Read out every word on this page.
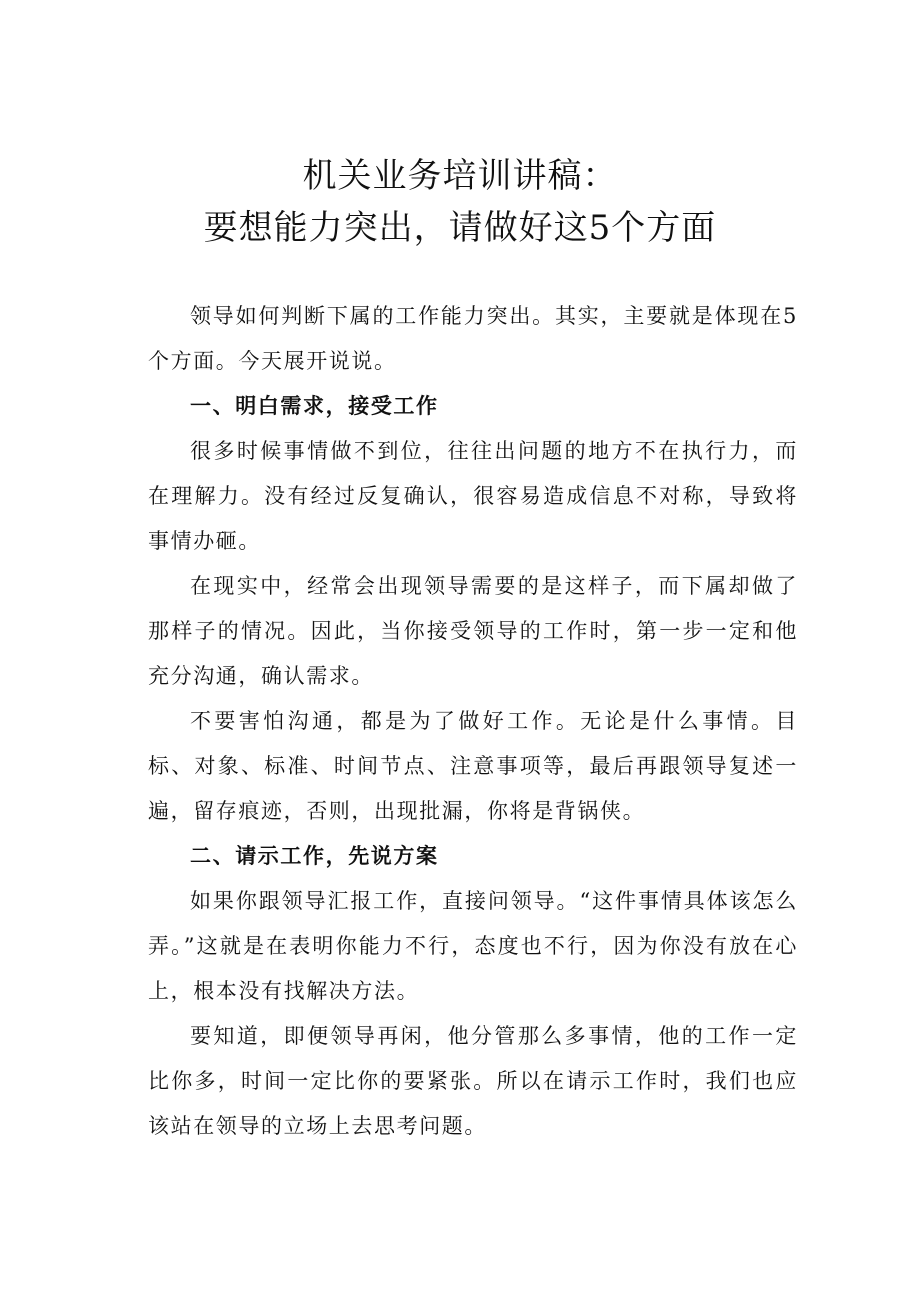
机关业务培训讲稿：
要想能力突出，请做好这5个方面

领导如何判断下属的工作能力突出。其实，主要就是体现在5个方面。今天展开说说。

一、明白需求，接受工作

很多时候事情做不到位，往往出问题的地方不在执行力，而在理解力。没有经过反复确认，很容易造成信息不对称，导致将事情办砸。

在现实中，经常会出现领导需要的是这样子，而下属却做了那样子的情况。因此，当你接受领导的工作时，第一步一定和他充分沟通，确认需求。

不要害怕沟通，都是为了做好工作。无论是什么事情。目标、对象、标准、时间节点、注意事项等，最后再跟领导复述一遍，留存痕迹，否则，出现批漏，你将是背锅侠。

二、请示工作，先说方案

如果你跟领导汇报工作，直接问领导。“这件事情具体该怎么弄。”这就是在表明你能力不行，态度也不行，因为你没有放在心上，根本没有找解决方法。

要知道，即便领导再闲，他分管那么多事情，他的工作一定比你多，时间一定比你的要紧张。所以在请示工作时，我们也应该站在领导的立场上去思考问题。
